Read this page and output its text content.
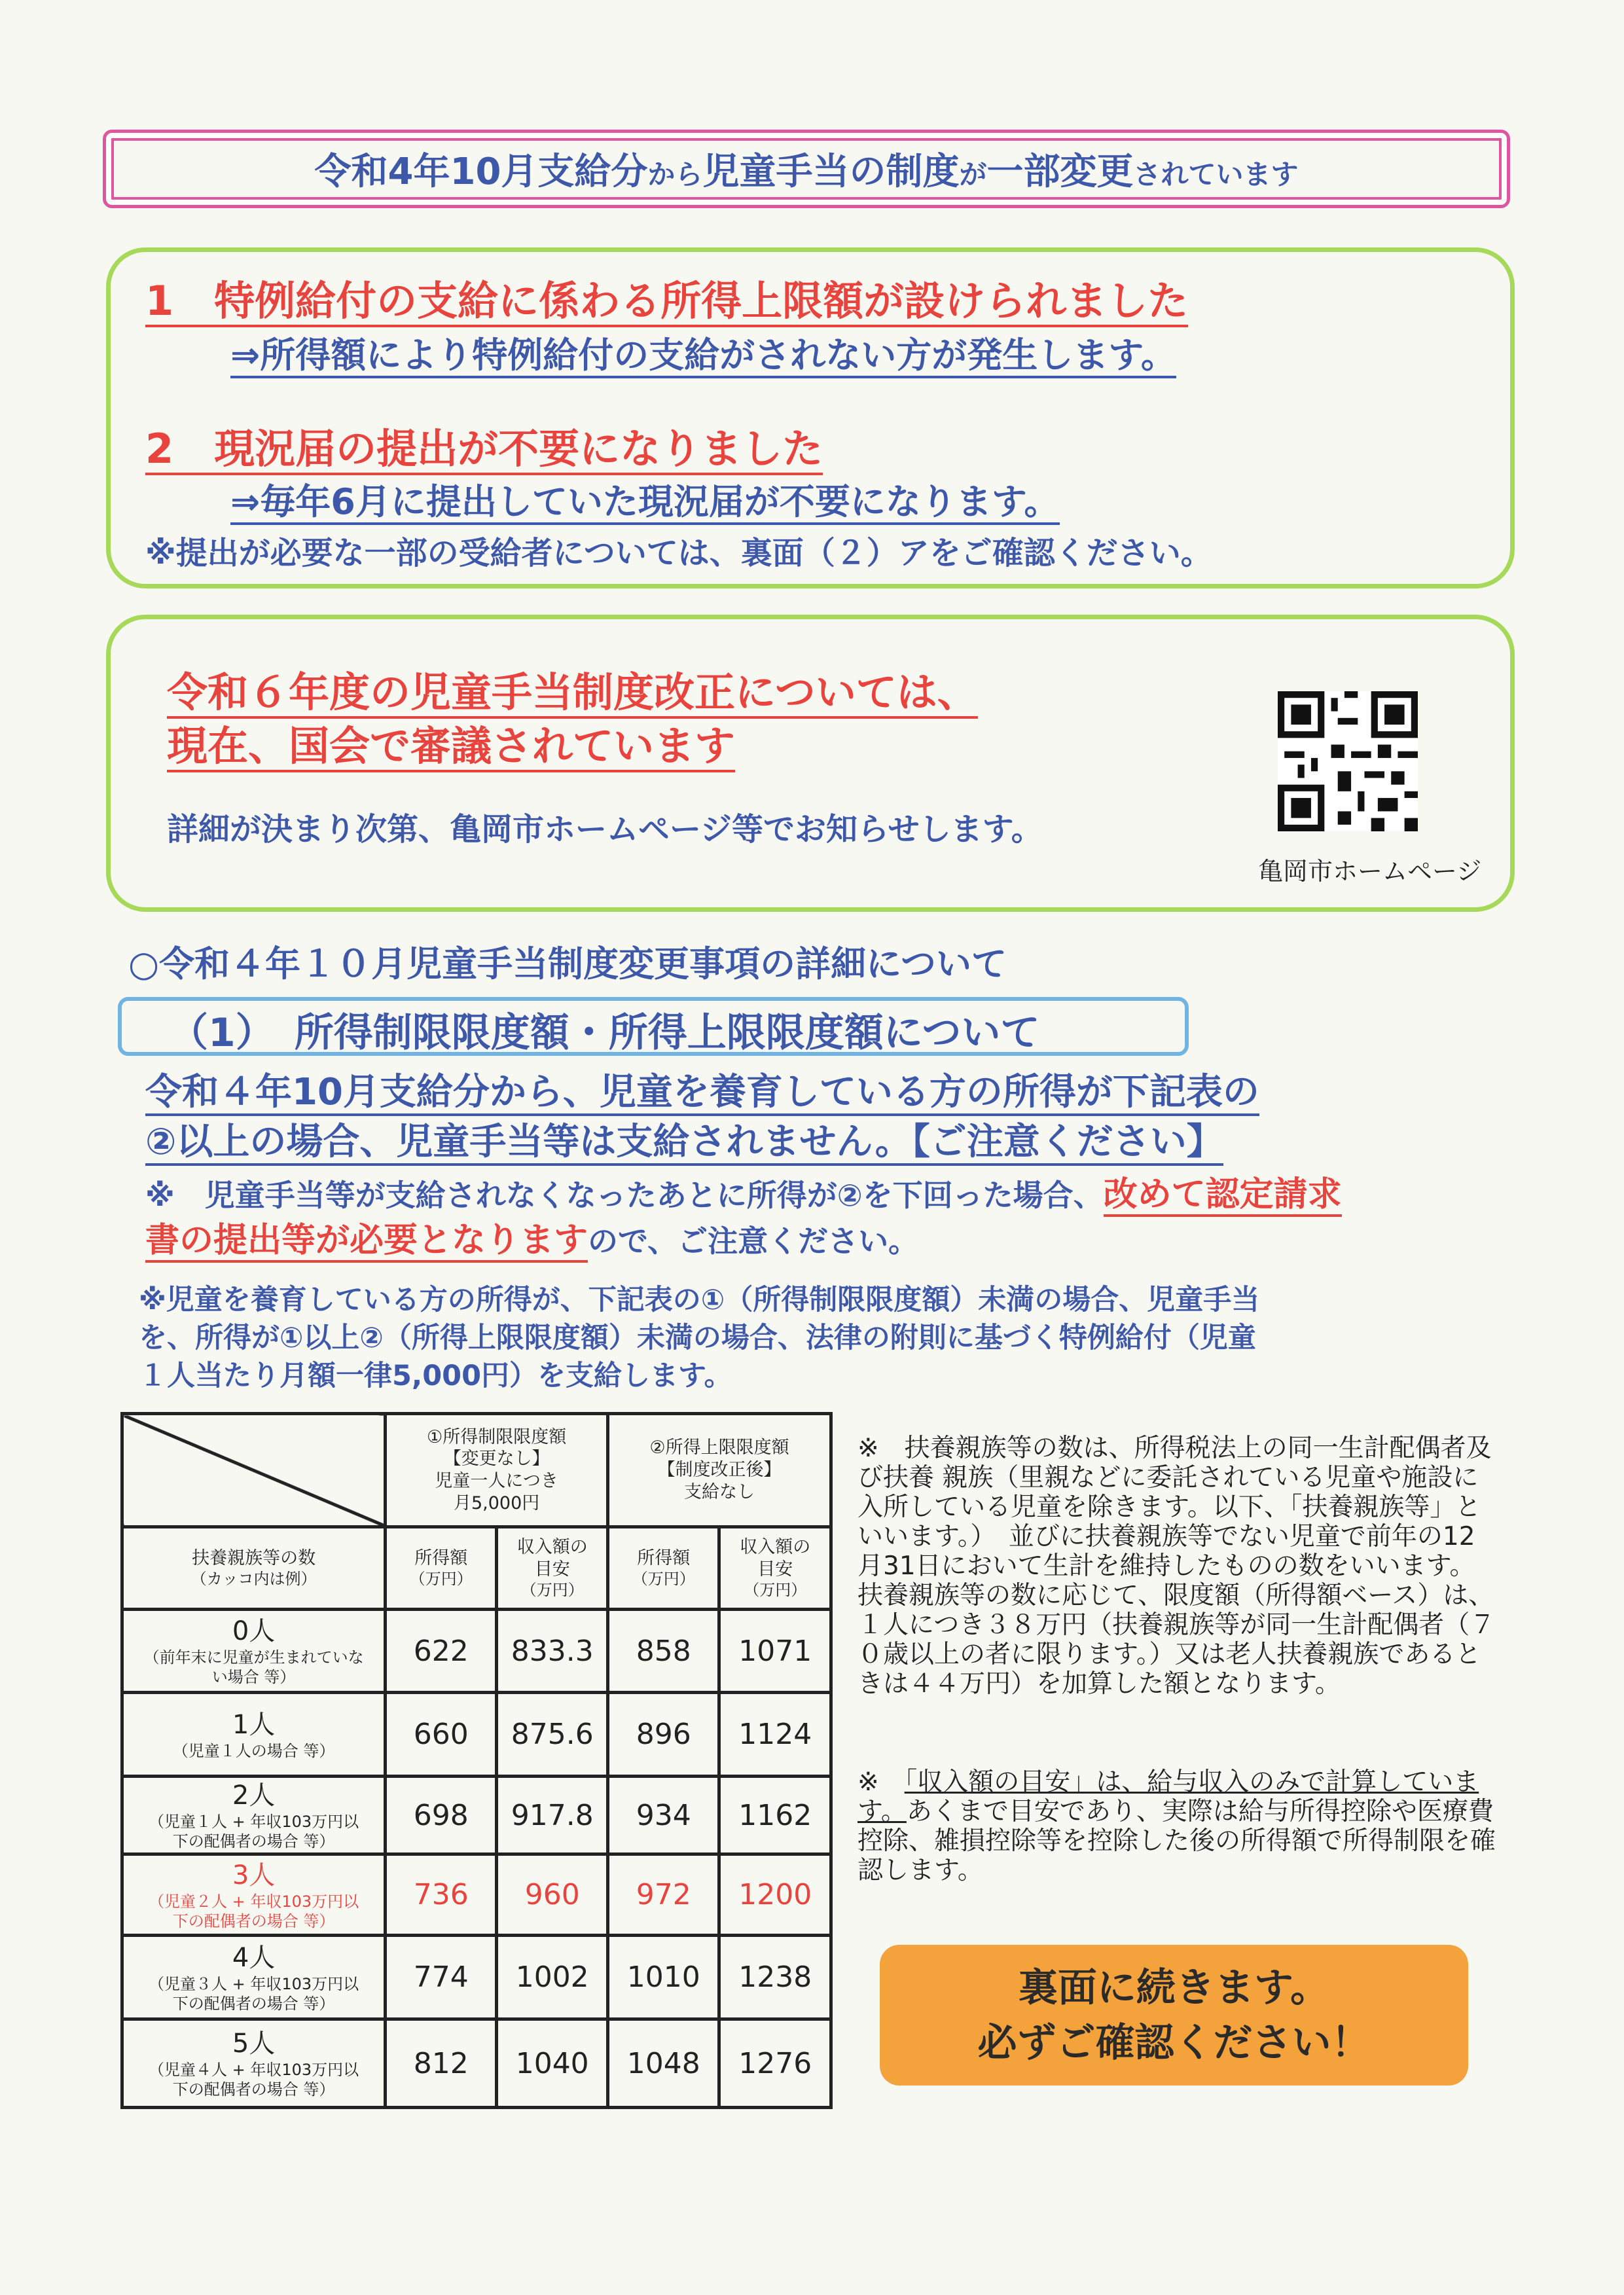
令和4年10月支給分から児童手当の制度が一部変更されています
1　特例給付の支給に係わる所得上限額が設けられました
⇒所得額により特例給付の支給がされない方が発生します。
2　現況届の提出が不要になりました
⇒毎年6月に提出していた現況届が不要になります。
※提出が必要な一部の受給者については、裏面（２）アをご確認ください。
令和６年度の児童手当制度改正については、
現在、国会で審議されています
詳細が決まり次第、亀岡市ホームページ等でお知らせします。
亀岡市ホームページ
○令和４年１０月児童手当制度変更事項の詳細について
（1）　所得制限限度額・所得上限限度額について
令和４年10月支給分から、児童を養育している方の所得が下記表の
②以上の場合、児童手当等は支給されません。【ご注意ください】
※　児童手当等が支給されなくなったあとに所得が②を下回った場合、改めて認定請求
書の提出等が必要となりますので、ご注意ください。
※児童を養育している方の所得が、下記表の①（所得制限限度額）未満の場合、児童手当
を、所得が①以上②（所得上限限度額）未満の場合、法律の附則に基づく特例給付（児童
１人当たり月額一律5,000円）を支給します。

	①所得制限限度額
【変更なし】
児童一人につき
月5,000円		②所得上限限度額
【制度改正後】
支給なし	

扶養親族等の数
（カッコ内は例）	所得額
（万円）	収入額の
目安
（万円）	所得額
（万円）	収入額の
目安
（万円）

0人
（前年末に児童が生まれていない場合 等）	622	833.3	858	1071

1人
（児童１人の場合 等）	660	875.6	896	1124

2人
（児童１人 + 年収103万円以下の配偶者の場合 等）	698	917.8	934	1162

3人
（児童２人 + 年収103万円以下の配偶者の場合 等）	736	960	972	1200

4人
（児童３人 + 年収103万円以下の配偶者の場合 等）	774	1002	1010	1238

5人
（児童４人 + 年収103万円以下の配偶者の場合 等）	812	1040	1048	1276
※　扶養親族等の数は、所得税法上の同一生計配偶者及び扶養 親族（里親などに委託されている児童や施設に入所している児童を除きます。以下、「扶養親族等」といいます。）　並びに扶養親族等でない児童で前年の12月31日において生計を維持したものの数をいいます。 扶養親族等の数に応じて、限度額（所得額ベース）は、１人につき３８万円（扶養親族等が同一生計配偶者（７０歳以上の者に限ります。）又は老人扶養親族であるときは４４万円）を加算した額となります。
※　「収入額の目安」は、給与収入のみで計算しています。あくまで目安であり、実際は給与所得控除や医療費控除、雑損控除等を控除した後の所得額で所得制限を確認します。
裏面に続きます。
必ずご確認ください！
